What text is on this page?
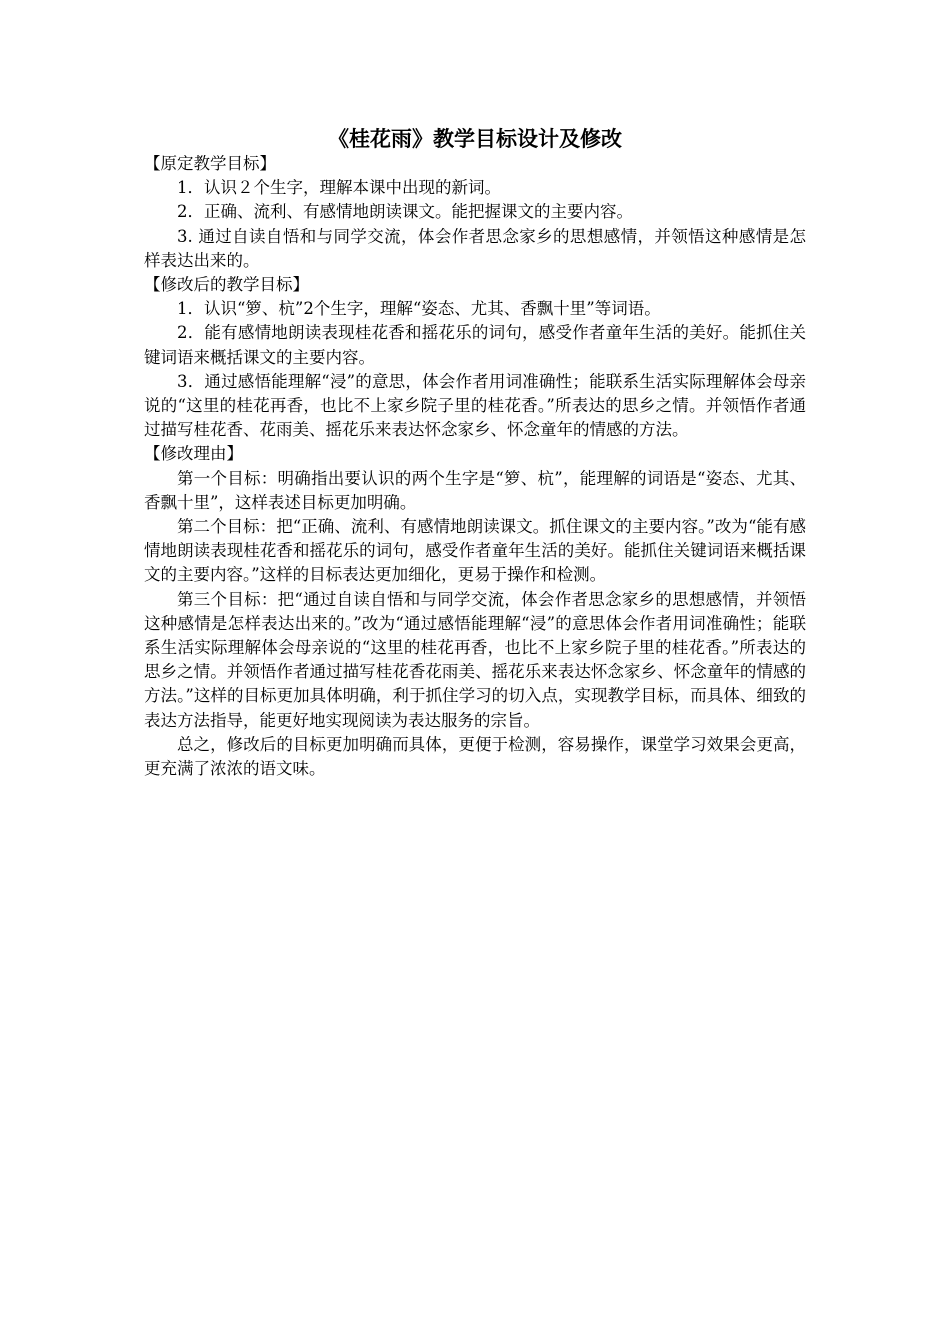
《桂花雨》教学目标设计及修改

【原定教学目标】

1．认识２个生字，理解本课中出现的新词。

2．正确、流利、有感情地朗读课文。能把握课文的主要内容。

3. 通过自读自悟和与同学交流，体会作者思念家乡的思想感情，并领悟这种感情是怎样表达出来的。

【修改后的教学目标】

1．认识“箩、杭”2个生字，理解“姿态、尤其、香飘十里”等词语。

2．能有感情地朗读表现桂花香和摇花乐的词句，感受作者童年生活的美好。能抓住关键词语来概括课文的主要内容。

3．通过感悟能理解“浸”的意思，体会作者用词准确性；能联系生活实际理解体会母亲说的“这里的桂花再香，也比不上家乡院子里的桂花香。”所表达的思乡之情。并领悟作者通过描写桂花香、花雨美、摇花乐来表达怀念家乡、怀念童年的情感的方法。

【修改理由】

第一个目标：明确指出要认识的两个生字是“箩、杭”，能理解的词语是“姿态、尤其、香飘十里”，这样表述目标更加明确。

第二个目标：把“正确、流利、有感情地朗读课文。抓住课文的主要内容。”改为“能有感情地朗读表现桂花香和摇花乐的词句，感受作者童年生活的美好。能抓住关键词语来概括课文的主要内容。”这样的目标表达更加细化，更易于操作和检测。

第三个目标：把“通过自读自悟和与同学交流，体会作者思念家乡的思想感情，并领悟这种感情是怎样表达出来的。”改为“通过感悟能理解“浸”的意思体会作者用词准确性；能联系生活实际理解体会母亲说的“这里的桂花再香，也比不上家乡院子里的桂花香。”所表达的思乡之情。并领悟作者通过描写桂花香花雨美、摇花乐来表达怀念家乡、怀念童年的情感的方法。”这样的目标更加具体明确，利于抓住学习的切入点，实现教学目标，而具体、细致的表达方法指导，能更好地实现阅读为表达服务的宗旨。

总之，修改后的目标更加明确而具体，更便于检测，容易操作，课堂学习效果会更高，更充满了浓浓的语文味。
